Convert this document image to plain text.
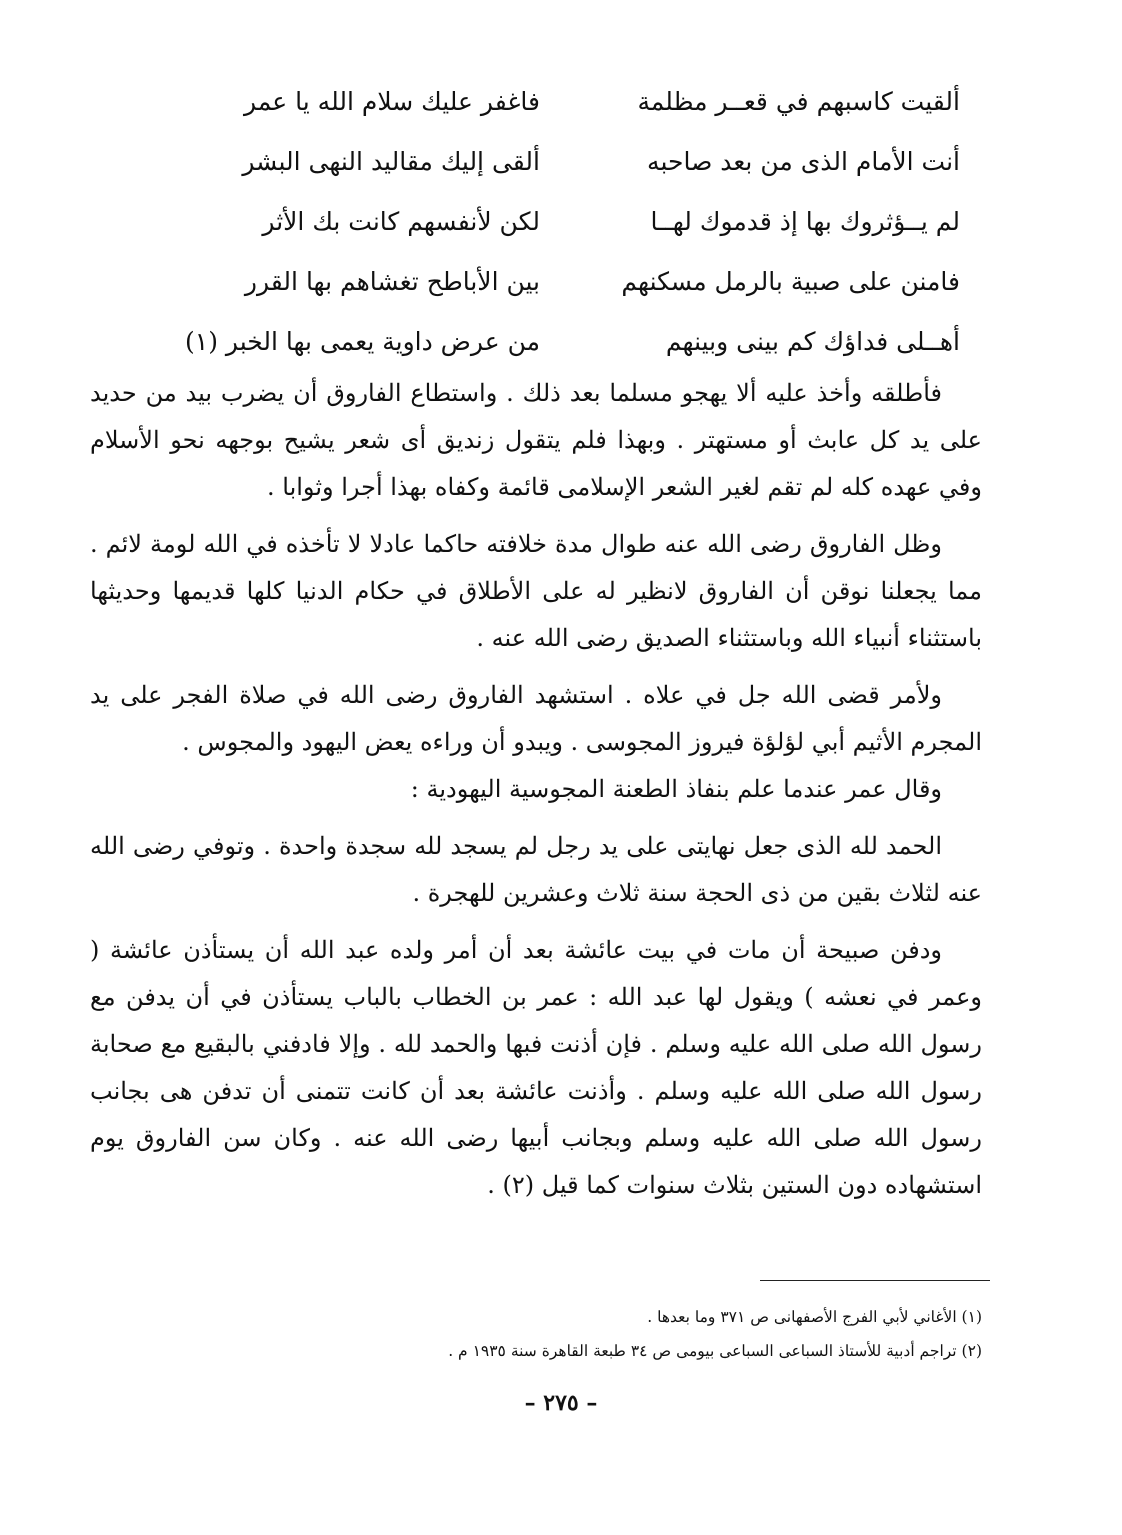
ألقيت كاسبهم في قعــر مظلمة
فاغفر عليك سلام الله يا عمر
أنت الأمام الذى من بعد صاحبه
ألقى إليك مقاليد النهى البشر
لم يــؤثروك بها إذ قدموك لهــا
لكن لأنفسهم كانت بك الأثر
فامنن على صبية بالرمل مسكنهم
بين الأباطح تغشاهم بها القرر
أهــلى فداؤك كم بينى وبينهم
من عرض داوية يعمى بها الخبر (١)

فأطلقه وأخذ عليه ألا يهجو مسلما بعد ذلك . واستطاع الفاروق أن يضرب بيد من حديد على يد كل عابث أو مستهتر . وبهذا فلم يتقول زنديق أى شعر يشيح بوجهه نحو الأسلام وفي عهده كله لم تقم لغير الشعر الإسلامى قائمة وكفاه بهذا أجرا وثوابا .

وظل الفاروق رضى الله عنه طوال مدة خلافته حاكما عادلا لا تأخذه في الله لومة لائم . مما يجعلنا نوقن أن الفاروق لانظير له على الأطلاق في حكام الدنيا كلها قديمها وحديثها باستثناء أنبياء الله وباستثناء الصديق رضى الله عنه .

ولأمر قضى الله جل في علاه . استشهد الفاروق رضى الله في صلاة الفجر على يد المجرم الأثيم أبي لؤلؤة فيروز المجوسى . ويبدو أن وراءه يعض اليهود والمجوس .

وقال عمر عندما علم بنفاذ الطعنة المجوسية اليهودية :

الحمد لله الذى جعل نهايتى على يد رجل لم يسجد لله سجدة واحدة . وتوفي رضى الله عنه لثلاث بقين من ذى الحجة سنة ثلاث وعشرين للهجرة .

ودفن صبيحة أن مات في بيت عائشة بعد أن أمر ولده عبد الله أن يستأذن عائشة ( وعمر في نعشه ) ويقول لها عبد الله : عمر بن الخطاب بالباب يستأذن في أن يدفن مع رسول الله صلى الله عليه وسلم . فإن أذنت فبها والحمد لله . وإلا فادفني بالبقيع مع صحابة رسول الله صلى الله عليه وسلم . وأذنت عائشة بعد أن كانت تتمنى أن تدفن هى بجانب رسول الله صلى الله عليه وسلم وبجانب أبيها رضى الله عنه . وكان سن الفاروق يوم استشهاده دون الستين بثلاث سنوات كما قيل (٢) .

(١) الأغاني لأبي الفرج الأصفهانى ص ٣٧١ وما بعدها .

(٢) تراجم أدبية للأستاذ السباعى السباعى بيومى ص ٣٤ طبعة القاهرة سنة ١٩٣٥ م .

– ٢٧٥ –
